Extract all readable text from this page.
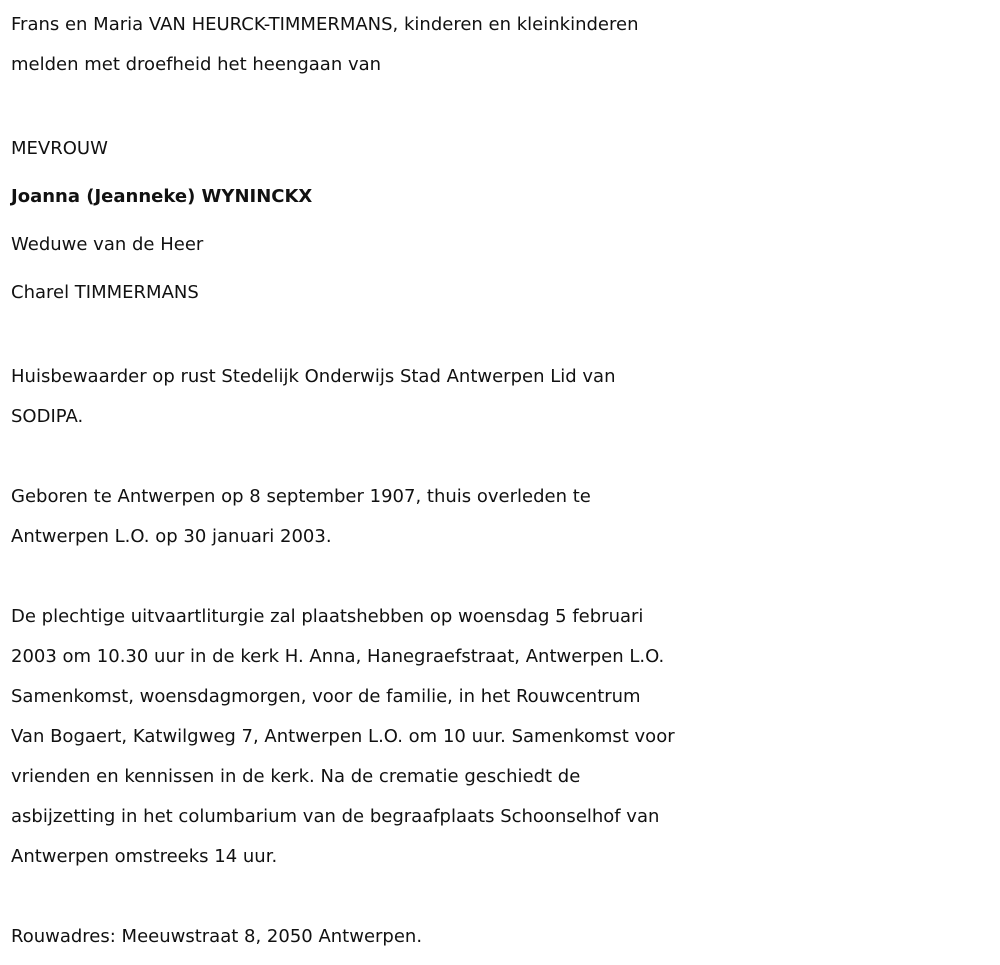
Frans en Maria VAN HEURCK-TIMMERMANS, kinderen en kleinkinderen
melden met droefheid het heengaan van
MEVROUW
Joanna (Jeanneke) WYNINCKX
Weduwe van de Heer
Charel TIMMERMANS
Huisbewaarder op rust Stedelijk Onderwijs Stad Antwerpen Lid van
SODIPA.
Geboren te Antwerpen op 8 september 1907, thuis overleden te
Antwerpen L.O. op 30 januari 2003.
De plechtige uitvaartliturgie zal plaatshebben op woensdag 5 februari
2003 om 10.30 uur in de kerk H. Anna, Hanegraefstraat, Antwerpen L.O.
Samenkomst, woensdagmorgen, voor de familie, in het Rouwcentrum
Van Bogaert, Katwilgweg 7, Antwerpen L.O. om 10 uur. Samenkomst voor
vrienden en kennissen in de kerk. Na de crematie geschiedt de
asbijzetting in het columbarium van de begraafplaats Schoonselhof van
Antwerpen omstreeks 14 uur.
Rouwadres: Meeuwstraat 8, 2050 Antwerpen.
